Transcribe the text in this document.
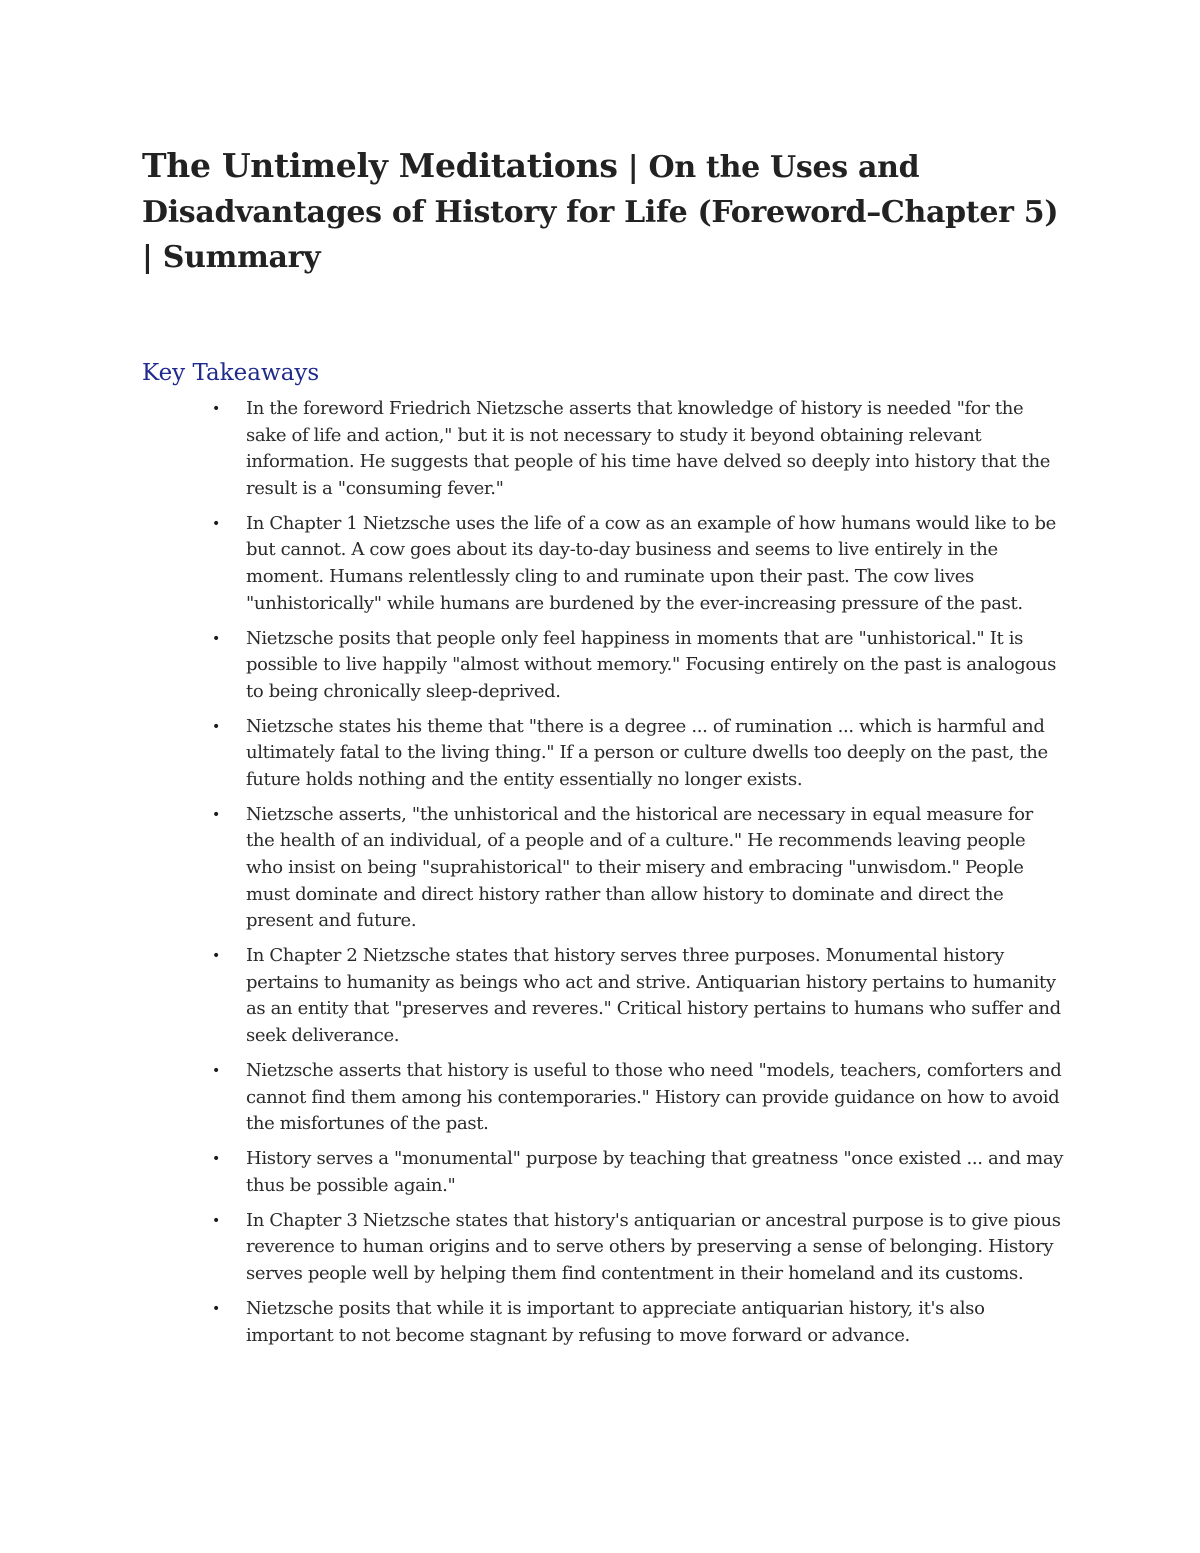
The Untimely Meditations | On the Uses and Disadvantages of History for Life (Foreword–Chapter 5) | Summary
Key Takeaways
• In the foreword Friedrich Nietzsche asserts that knowledge of history is needed "for the sake of life and action," but it is not necessary to study it beyond obtaining relevant information. He suggests that people of his time have delved so deeply into history that the result is a "consuming fever."
• In Chapter 1 Nietzsche uses the life of a cow as an example of how humans would like to be but cannot. A cow goes about its day-to-day business and seems to live entirely in the moment. Humans relentlessly cling to and ruminate upon their past. The cow lives "unhistorically" while humans are burdened by the ever-increasing pressure of the past.
• Nietzsche posits that people only feel happiness in moments that are "unhistorical." It is possible to live happily "almost without memory." Focusing entirely on the past is analogous to being chronically sleep-deprived.
• Nietzsche states his theme that "there is a degree ... of rumination ... which is harmful and ultimately fatal to the living thing." If a person or culture dwells too deeply on the past, the future holds nothing and the entity essentially no longer exists.
• Nietzsche asserts, "the unhistorical and the historical are necessary in equal measure for the health of an individual, of a people and of a culture." He recommends leaving people who insist on being "suprahistorical" to their misery and embracing "unwisdom." People must dominate and direct history rather than allow history to dominate and direct the present and future.
• In Chapter 2 Nietzsche states that history serves three purposes. Monumental history pertains to humanity as beings who act and strive. Antiquarian history pertains to humanity as an entity that "preserves and reveres." Critical history pertains to humans who suffer and seek deliverance.
• Nietzsche asserts that history is useful to those who need "models, teachers, comforters and cannot find them among his contemporaries." History can provide guidance on how to avoid the misfortunes of the past.
• History serves a "monumental" purpose by teaching that greatness "once existed ... and may thus be possible again."
• In Chapter 3 Nietzsche states that history's antiquarian or ancestral purpose is to give pious reverence to human origins and to serve others by preserving a sense of belonging. History serves people well by helping them find contentment in their homeland and its customs.
• Nietzsche posits that while it is important to appreciate antiquarian history, it's also important to not become stagnant by refusing to move forward or advance.
